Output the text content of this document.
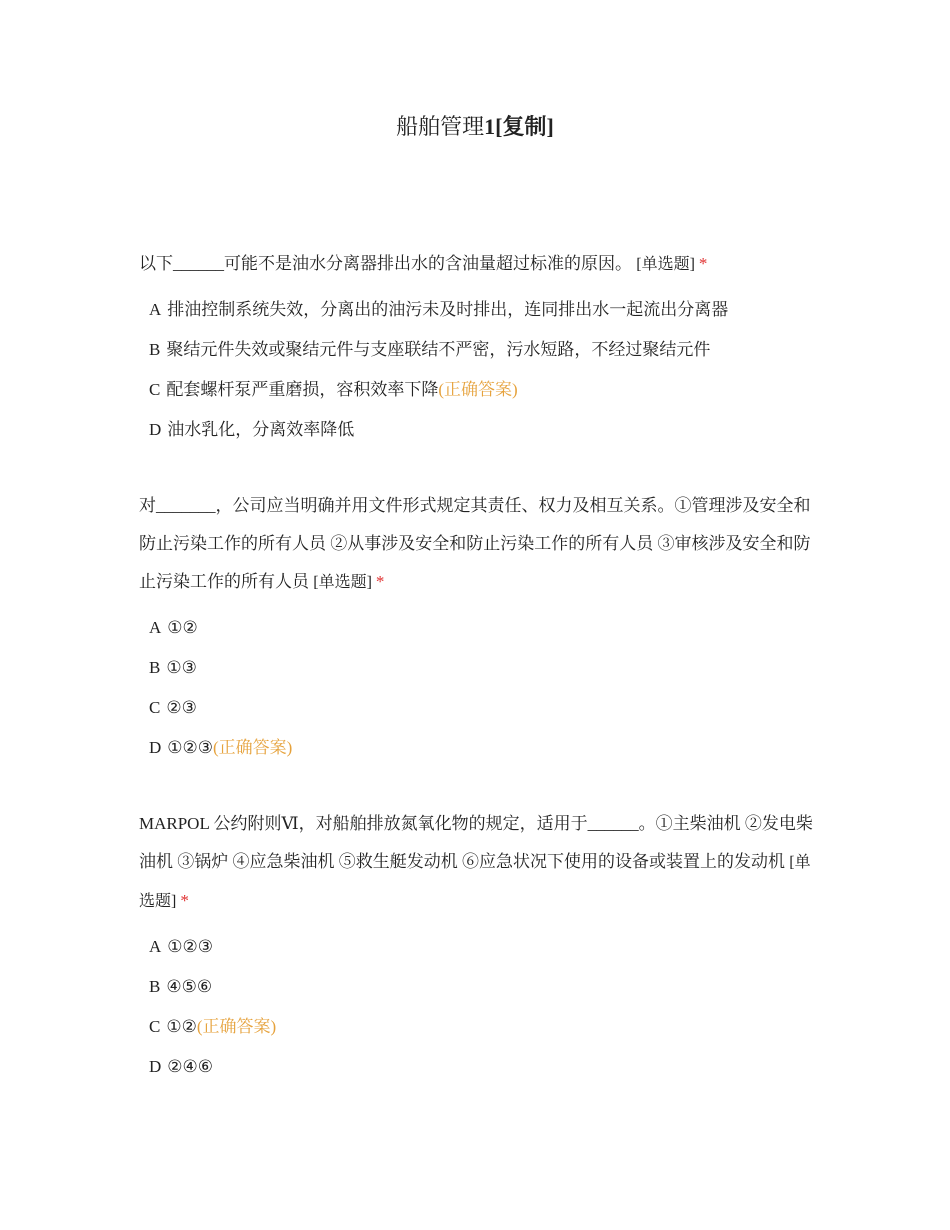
船舶管理1[复制]

以下______可能不是油水分离器排出水的含油量超过标准的原因。 [单选题] *

A 排油控制系统失效，分离出的油污未及时排出，连同排出水一起流出分离器
B 聚结元件失效或聚结元件与支座联结不严密，污水短路，不经过聚结元件
C 配套螺杆泵严重磨损，容积效率下降(正确答案)
D 油水乳化，分离效率降低

对_______，公司应当明确并用文件形式规定其责任、权力及相互关系。①管理涉及安全和防止污染工作的所有人员 ②从事涉及安全和防止污染工作的所有人员 ③审核涉及安全和防止污染工作的所有人员 [单选题] *

A ①②
B ①③
C ②③
D ①②③(正确答案)

MARPOL 公约附则Ⅵ，对船舶排放氮氧化物的规定，适用于______。①主柴油机 ②发电柴油机 ③锅炉 ④应急柴油机 ⑤救生艇发动机 ⑥应急状况下使用的设备或装置上的发动机 [单选题] *

A ①②③
B ④⑤⑥
C ①②(正确答案)
D ②④⑥
